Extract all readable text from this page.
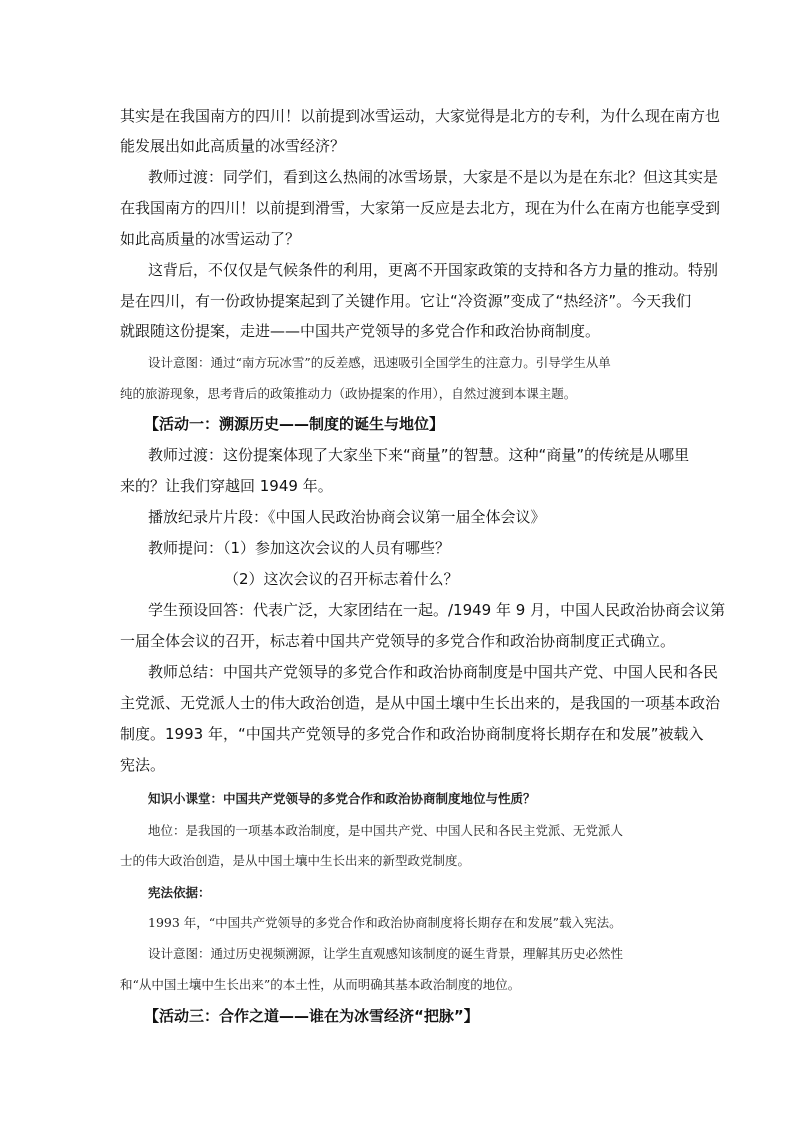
其实是在我国南方的四川！以前提到冰雪运动，大家觉得是北方的专利，为什么现在南方也
能发展出如此高质量的冰雪经济？
教师过渡：同学们，看到这么热闹的冰雪场景，大家是不是以为是在东北？但这其实是
在我国南方的四川！以前提到滑雪，大家第一反应是去北方，现在为什么在南方也能享受到
如此高质量的冰雪运动了？
这背后，不仅仅是气候条件的利用，更离不开国家政策的支持和各方力量的推动。特别
是在四川，有一份政协提案起到了关键作用。它让“冷资源”变成了“热经济”。今天我们
就跟随这份提案，走进——中国共产党领导的多党合作和政治协商制度。
设计意图：通过“南方玩冰雪”的反差感，迅速吸引全国学生的注意力。引导学生从单
纯的旅游现象，思考背后的政策推动力（政协提案的作用），自然过渡到本课主题。
【活动一：溯源历史——制度的诞生与地位】
教师过渡：这份提案体现了大家坐下来“商量”的智慧。这种“商量”的传统是从哪里
来的？让我们穿越回 1949 年。
播放纪录片片段：《中国人民政治协商会议第一届全体会议》
教师提问：（1）参加这次会议的人员有哪些？
（2）这次会议的召开标志着什么？
学生预设回答：代表广泛，大家团结在一起。/1949 年 9 月，中国人民政治协商会议第
一届全体会议的召开，标志着中国共产党领导的多党合作和政治协商制度正式确立。
教师总结：中国共产党领导的多党合作和政治协商制度是中国共产党、中国人民和各民
主党派、无党派人士的伟大政治创造，是从中国土壤中生长出来的，是我国的一项基本政治
制度。1993 年，“中国共产党领导的多党合作和政治协商制度将长期存在和发展”被载入
宪法。
知识小课堂：中国共产党领导的多党合作和政治协商制度地位与性质？
地位：是我国的一项基本政治制度，是中国共产党、中国人民和各民主党派、无党派人
士的伟大政治创造，是从中国土壤中生长出来的新型政党制度。
宪法依据：
1993 年，“中国共产党领导的多党合作和政治协商制度将长期存在和发展”载入宪法。
设计意图：通过历史视频溯源，让学生直观感知该制度的诞生背景，理解其历史必然性
和“从中国土壤中生长出来”的本土性，从而明确其基本政治制度的地位。
【活动三：合作之道——谁在为冰雪经济“把脉”】
